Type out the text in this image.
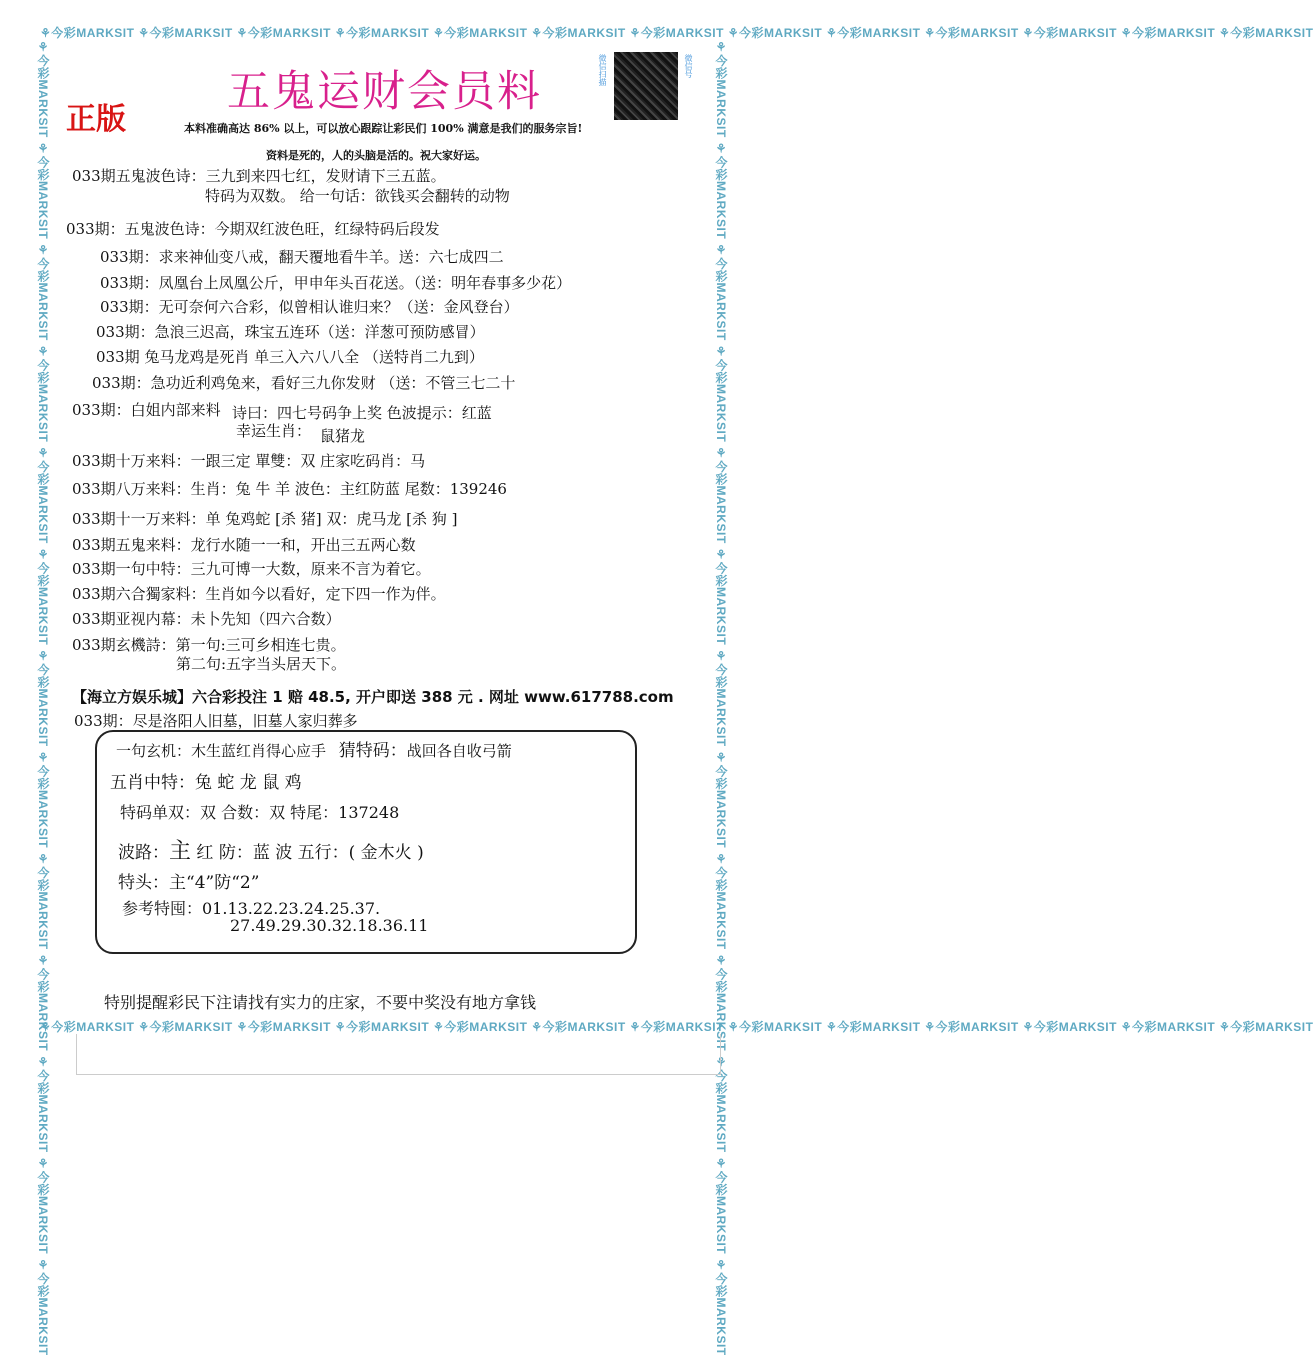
⚘今彩MARKSIT ⚘今彩MARKSIT ⚘今彩MARKSIT ⚘今彩MARKSIT ⚘今彩MARKSIT ⚘今彩MARKSIT ⚘今彩MARKSIT ⚘今彩MARKSIT ⚘今彩MARKSIT ⚘今彩MARKSIT ⚘今彩MARKSIT ⚘今彩MARKSIT ⚘今彩MARKSIT
⚘今彩MARKSIT ⚘今彩MARKSIT ⚘今彩MARKSIT ⚘今彩MARKSIT ⚘今彩MARKSIT ⚘今彩MARKSIT ⚘今彩MARKSIT ⚘今彩MARKSIT ⚘今彩MARKSIT ⚘今彩MARKSIT ⚘今彩MARKSIT ⚘今彩MARKSIT ⚘今彩MARKSIT
⚘今彩MARKSIT ⚘今彩MARKSIT ⚘今彩MARKSIT ⚘今彩MARKSIT ⚘今彩MARKSIT ⚘今彩MARKSIT ⚘今彩MARKSIT ⚘今彩MARKSIT ⚘今彩MARKSIT ⚘今彩MARKSIT ⚘今彩MARKSIT ⚘今彩MARKSIT ⚘今彩MARKSIT	⚘今彩MARKSIT ⚘今彩MARKSIT ⚘今彩MARKSIT ⚘今彩MARKSIT ⚘今彩MARKSIT ⚘今彩MARKSIT ⚘今彩MARKSIT ⚘今彩MARKSIT ⚘今彩MARKSIT ⚘今彩MARKSIT ⚘今彩MARKSIT ⚘今彩MARKSIT ⚘今彩MARKSIT
五鬼运财会员料
正版
微信扫描	微信号
本料准确高达 86% 以上，可以放心跟踪让彩民们 100% 满意是我们的服务宗旨!
资料是死的，人的头脑是活的。祝大家好运。
033期五鬼波色诗：三九到来四七红，发财请下三五蓝。
特码为双数。 给一句话：欲钱买会翻转的动物
033期：五鬼波色诗：今期双红波色旺，红绿特码后段发
033期：求来神仙变八戒，翻天覆地看牛羊。送：六七成四二
033期：凤凰台上凤凰公斤，甲申年头百花送。（送：明年春事多少花）
033期：无可奈何六合彩，似曾相认谁归来？（送：金风登台）
033期：急浪三迟高，珠宝五连环（送：洋葱可预防感冒）
033期 兔马龙鸡是死肖 单三入六八八全 （送特肖二九到）
033期：急功近利鸡兔来，看好三九你发财 （送：不管三七二十
033期：白姐内部来料 诗曰：四七号码争上奖 色波提示：红蓝
幸运生肖： 鼠猪龙
033期十万来料：一跟三定 單雙：双 庄家吃码肖：马
033期八万来料：生肖：兔 牛 羊 波色：主红防蓝 尾数：139246
033期十一万来料：单 兔鸡蛇 [杀 猪] 双：虎马龙 [杀 狗 ]
033期五鬼来料：龙行水随一一和，开出三五两心数
033期一句中特：三九可博一大数，原来不言为着它。
033期六合獨家料：生肖如今以看好，定下四一作为伴。
033期亚视内幕：未卜先知（四六合数）
033期玄機詩：第一句:三可乡相连七贵。
第二句:五字当头居天下。
【海立方娱乐城】六合彩投注 1 赔 48.5, 开户即送 388 元 . 网址 www.617788.com
033期：尽是洛阳人旧墓，旧墓人家归葬多
一句玄机：木生蓝红肖得心应手 猜特码：战回各自收弓箭
五肖中特：兔 蛇 龙 鼠 鸡
特码单双：双 合数：双 特尾：137248
波路：主 红 防：蓝 波 五行：( 金木火 )
特头：主“4”防“2”
参考特囤：01.13.22.23.24.25.37.
27.49.29.30.32.18.36.11
特别提醒彩民下注请找有实力的庄家，不要中奖没有地方拿钱
